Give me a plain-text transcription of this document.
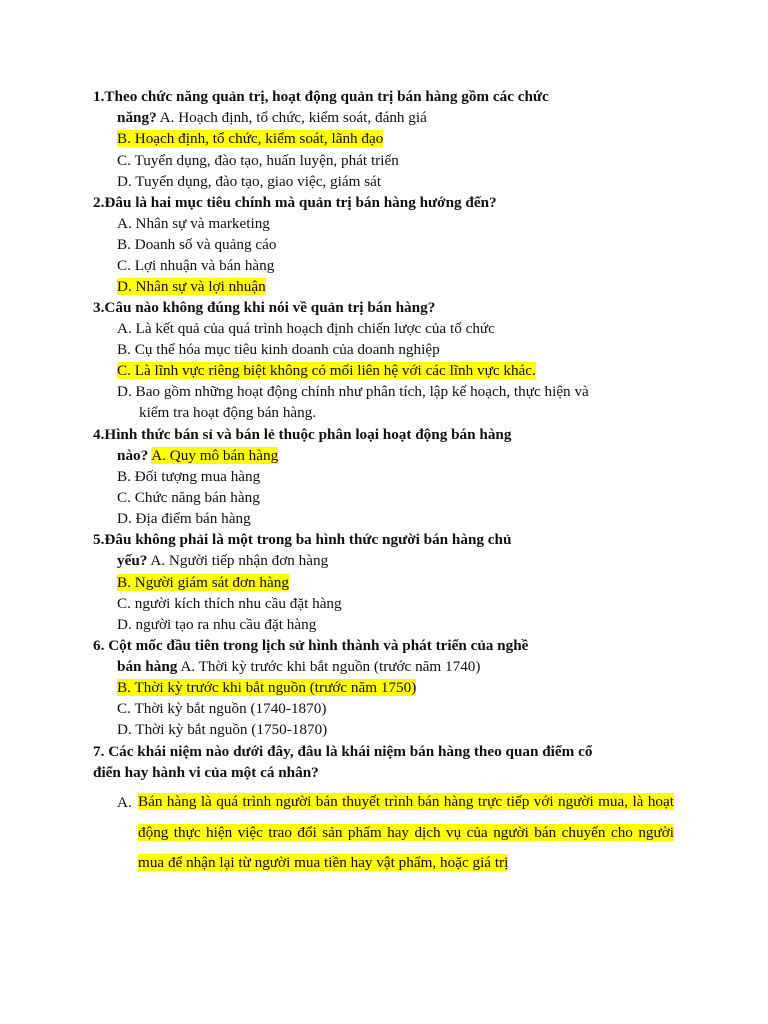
1.Theo chức năng quản trị, hoạt động quản trị bán hàng gồm các chức
năng? A. Hoạch định, tổ chức, kiểm soát, đánh giá
B. Hoạch định, tổ chức, kiểm soát, lãnh đạo
C. Tuyển dụng, đào tạo, huấn luyện, phát triển
D. Tuyển dụng, đào tạo, giao việc, giám sát
2.Đâu là hai mục tiêu chính mà quản trị bán hàng hướng đến?
A. Nhân sự và marketing
B. Doanh số và quảng cáo
C. Lợi nhuận và bán hàng
D. Nhân sự và lợi nhuận
3.Câu nào không đúng khi nói về quản trị bán hàng?
A. Là kết quả của quá trình hoạch định chiến lược của tổ chức
B. Cụ thể hóa mục tiêu kinh doanh của doanh nghiệp
C. Là lĩnh vực riêng biệt không có mối liên hệ với các lĩnh vực khác.
D. Bao gồm những hoạt động chính như phân tích, lập kế hoạch, thực hiện và
kiểm tra hoạt động bán hàng.
4.Hình thức bán sỉ và bán lẻ thuộc phân loại hoạt động bán hàng
nào? A. Quy mô bán hàng
B. Đối tượng mua hàng
C. Chức năng bán hàng
D. Địa điểm bán hàng
5.Đâu không phải là một trong ba hình thức người bán hàng chủ
yếu? A. Người tiếp nhận đơn hàng
B. Người giám sát đơn hàng
C. người kích thích nhu cầu đặt hàng
D. người tạo ra nhu cầu đặt hàng
6. Cột mốc đầu tiên trong lịch sử hình thành và phát triển của nghề
bán hàng A. Thời kỳ trước khi bắt nguồn (trước năm 1740)
B. Thời kỳ trước khi bắt nguồn (trước năm 1750)
C. Thời kỳ bắt nguồn (1740-1870)
D. Thời kỳ bắt nguồn (1750-1870)
7. Các khái niệm nào dưới đây, đâu là khái niệm bán hàng theo quan điểm cổ
điển hay hành vi của một cá nhân?
A. Bán hàng là quá trình người bán thuyết trình bán hàng trực tiếp với người mua, là hoạt động thực hiện việc trao đổi sản phẩm hay dịch vụ của người bán chuyển cho người mua để nhận lại từ người mua tiền hay vật phẩm, hoặc giá trị
